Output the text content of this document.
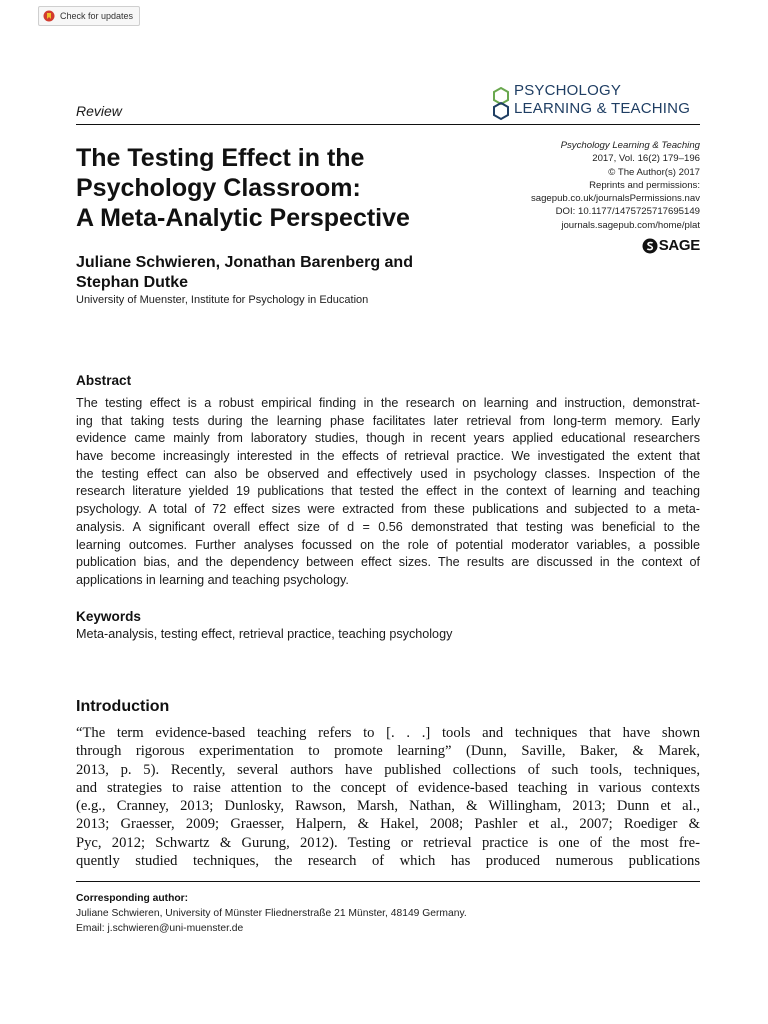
Check for updates
PSYCHOLOGY
LEARNING & TEACHING
Review
The Testing Effect in the
Psychology Classroom:
A Meta-Analytic Perspective
Psychology Learning & Teaching
2017, Vol. 16(2) 179–196
© The Author(s) 2017
Reprints and permissions:
sagepub.co.uk/journalsPermissions.nav
DOI: 10.1177/1475725717695149
journals.sagepub.com/home/plat
SAGE
Juliane Schwieren, Jonathan Barenberg and
Stephan Dutke
University of Muenster, Institute for Psychology in Education
Abstract
The testing effect is a robust empirical finding in the research on learning and instruction, demonstrat-
ing that taking tests during the learning phase facilitates later retrieval from long-term memory. Early
evidence came mainly from laboratory studies, though in recent years applied educational researchers
have become increasingly interested in the effects of retrieval practice. We investigated the extent that
the testing effect can also be observed and effectively used in psychology classes. Inspection of the
research literature yielded 19 publications that tested the effect in the context of learning and teaching
psychology. A total of 72 effect sizes were extracted from these publications and subjected to a meta-
analysis. A significant overall effect size of d = 0.56 demonstrated that testing was beneficial to the
learning outcomes. Further analyses focussed on the role of potential moderator variables, a possible
publication bias, and the dependency between effect sizes. The results are discussed in the context of
applications in learning and teaching psychology.
Keywords
Meta-analysis, testing effect, retrieval practice, teaching psychology
Introduction
“The term evidence-based teaching refers to [. . .] tools and techniques that have shown
through rigorous experimentation to promote learning” (Dunn, Saville, Baker, & Marek,
2013, p. 5). Recently, several authors have published collections of such tools, techniques,
and strategies to raise attention to the concept of evidence-based teaching in various contexts
(e.g., Cranney, 2013; Dunlosky, Rawson, Marsh, Nathan, & Willingham, 2013; Dunn et al.,
2013; Graesser, 2009; Graesser, Halpern, & Hakel, 2008; Pashler et al., 2007; Roediger &
Pyc, 2012; Schwartz & Gurung, 2012). Testing or retrieval practice is one of the most fre-
quently studied techniques, the research of which has produced numerous publications
Corresponding author:
Juliane Schwieren, University of Münster Fliednerstraße 21 Münster, 48149 Germany.
Email: j.schwieren@uni-muenster.de
